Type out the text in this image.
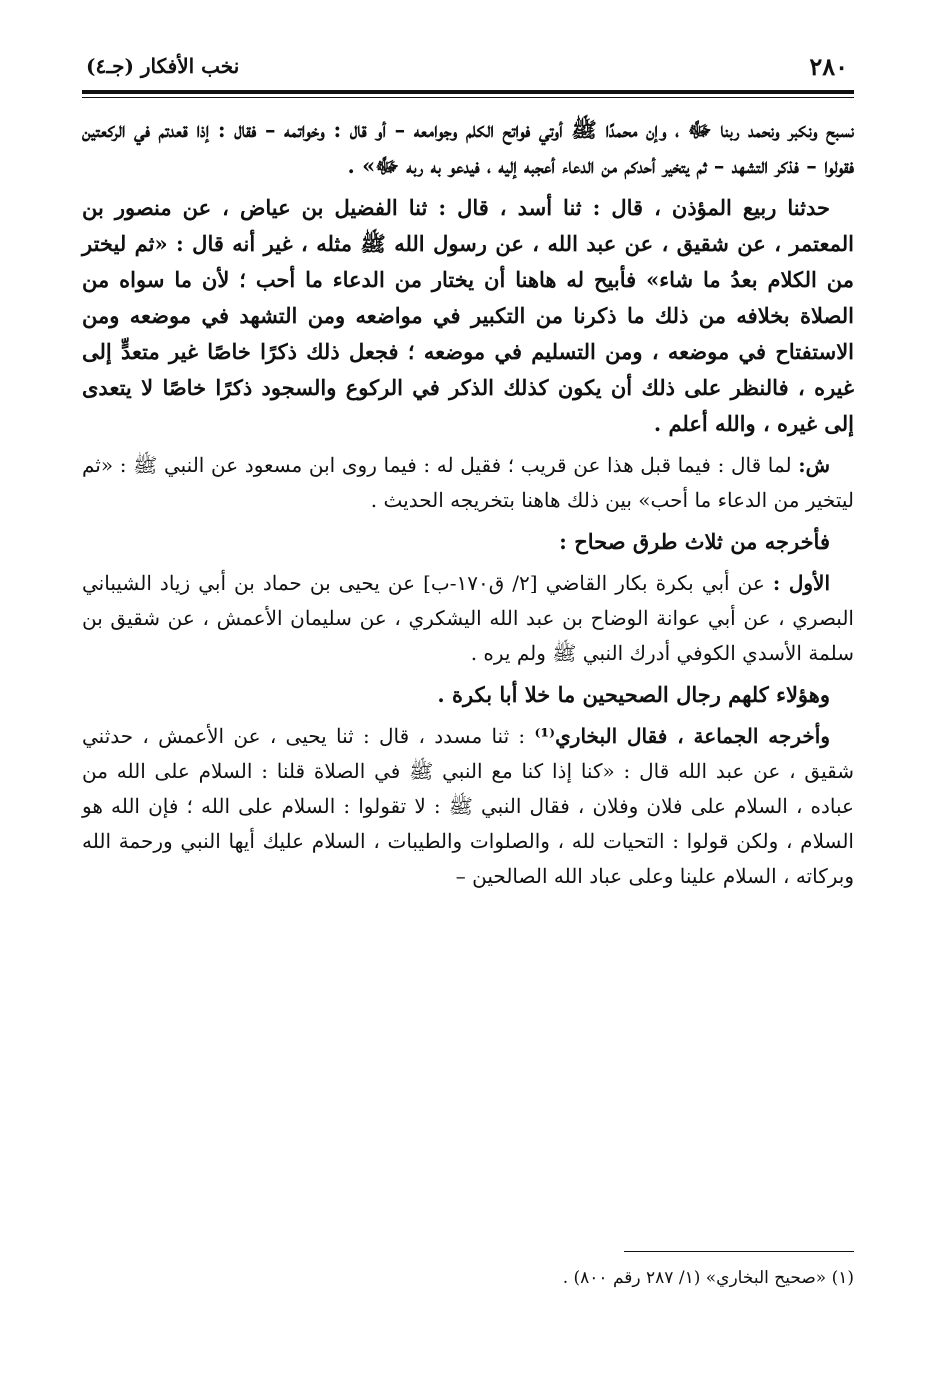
٢٨٠
نخب الأفكار (جـ٤)

نسبح ونكبر ونحمد ربنا ﷻ ، وإن محمدًا ﷺ أوتي فواتح الكلم وجوامعه – أو قال : وخواتمه – فقال : إذا قعدتم في الركعتين فقولوا – فذكر التشهد – ثم يتخير أحدكم من الدعاء أعجبه إليه ، فيدعو به ربه ﷻ» .

حدثنا ربيع المؤذن ، قال : ثنا أسد ، قال : ثنا الفضيل بن عياض ، عن منصور بن المعتمر ، عن شقيق ، عن عبد الله ، عن رسول الله ﷺ مثله ، غير أنه قال : «ثم ليختر من الكلام بعدُ ما شاء» فأبيح له هاهنا أن يختار من الدعاء ما أحب ؛ لأن ما سواه من الصلاة بخلافه من ذلك ما ذكرنا من التكبير في مواضعه ومن التشهد في موضعه ومن الاستفتاح في موضعه ، ومن التسليم في موضعه ؛ فجعل ذلك ذكرًا خاصًا غير متعدٍّ إلى غيره ، فالنظر على ذلك أن يكون كذلك الذكر في الركوع والسجود ذكرًا خاصًا لا يتعدى إلى غيره ، والله أعلم .

ش: لما قال : فيما قبل هذا عن قريب ؛ فقيل له : فيما روى ابن مسعود عن النبي ﷺ : «ثم ليتخير من الدعاء ما أحب» بين ذلك هاهنا بتخريجه الحديث .

فأخرجه من ثلاث طرق صحاح :

الأول : عن أبي بكرة بكار القاضي [٢/ ق١٧٠-ب] عن يحيى بن حماد بن أبي زياد الشيباني البصري ، عن أبي عوانة الوضاح بن عبد الله اليشكري ، عن سليمان الأعمش ، عن شقيق بن سلمة الأسدي الكوفي أدرك النبي ﷺ ولم يره .

وهؤلاء كلهم رجال الصحيحين ما خلا أبا بكرة .

وأخرجه الجماعة ، فقال البخاري⁽¹⁾ : ثنا مسدد ، قال : ثنا يحيى ، عن الأعمش ، حدثني شقيق ، عن عبد الله قال : «كنا إذا كنا مع النبي ﷺ في الصلاة قلنا : السلام على الله من عباده ، السلام على فلان وفلان ، فقال النبي ﷺ : لا تقولوا : السلام على الله ؛ فإن الله هو السلام ، ولكن قولوا : التحيات لله ، والصلوات والطيبات ، السلام عليك أيها النبي ورحمة الله وبركاته ، السلام علينا وعلى عباد الله الصالحين –

(١) «صحيح البخاري» (١/ ٢٨٧ رقم ٨٠٠) .
